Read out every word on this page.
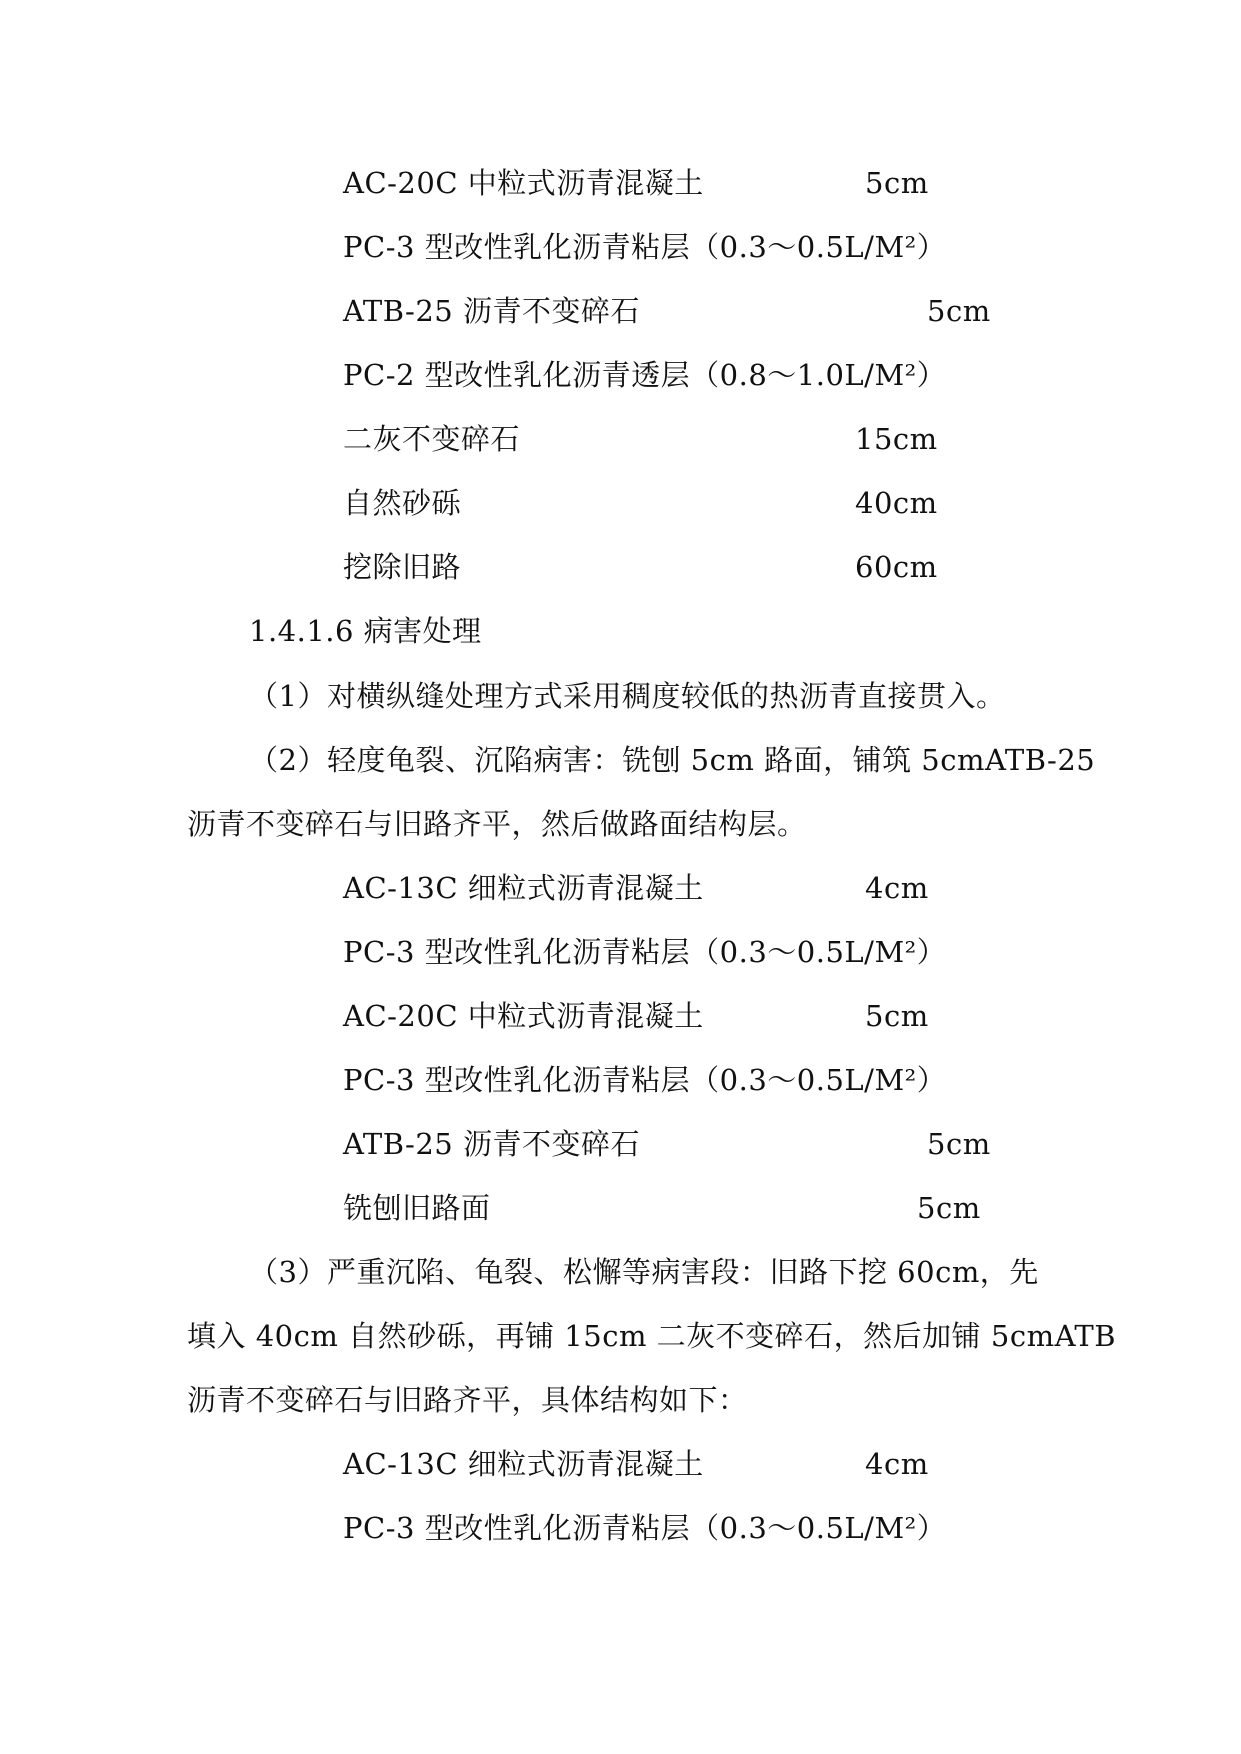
AC-20C 中粒式沥青混凝土	5cm
PC-3 型改性乳化沥青粘层（0.3～0.5L/M²）
ATB-25 沥青不变碎石	5cm
PC-2 型改性乳化沥青透层（0.8～1.0L/M²）
二灰不变碎石	15cm
自然砂砾	40cm
挖除旧路	60cm
1.4.1.6 病害处理
（1）对横纵缝处理方式采用稠度较低的热沥青直接贯入。
（2）轻度龟裂、沉陷病害：铣刨 5cm 路面，铺筑 5cmATB-25
沥青不变碎石与旧路齐平，然后做路面结构层。
AC-13C 细粒式沥青混凝土	4cm
PC-3 型改性乳化沥青粘层（0.3～0.5L/M²）
AC-20C 中粒式沥青混凝土	5cm
PC-3 型改性乳化沥青粘层（0.3～0.5L/M²）
ATB-25 沥青不变碎石	5cm
铣刨旧路面	5cm
（3）严重沉陷、龟裂、松懈等病害段：旧路下挖 60cm，先
填入 40cm 自然砂砾，再铺 15cm 二灰不变碎石，然后加铺 5cmATB
沥青不变碎石与旧路齐平，具体结构如下：
AC-13C 细粒式沥青混凝土	4cm
PC-3 型改性乳化沥青粘层（0.3～0.5L/M²）
